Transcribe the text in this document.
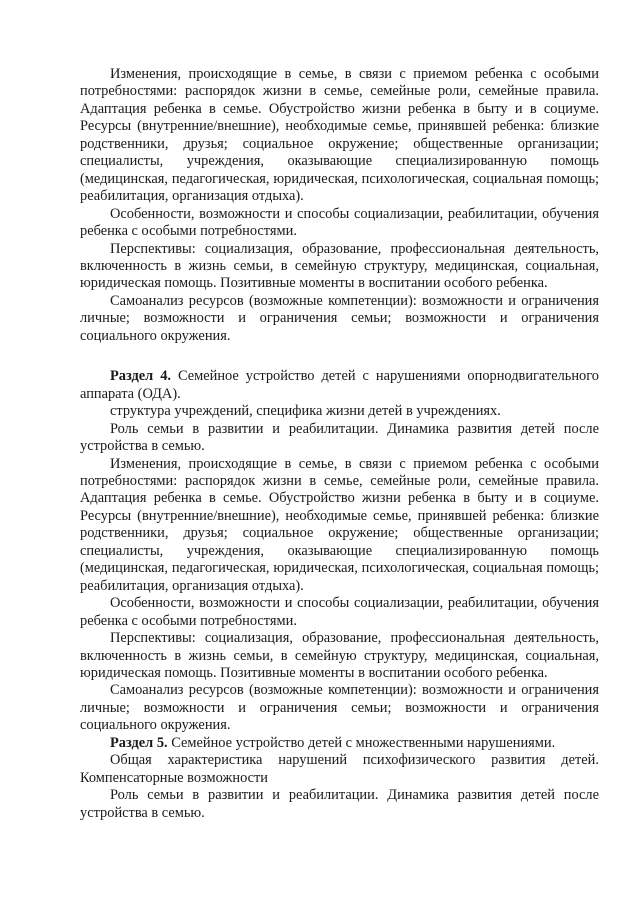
Изменения, происходящие в семье, в связи с приемом ребенка с особыми потребностями: распорядок жизни в семье, семейные роли, семейные правила. Адаптация ребенка в семье. Обустройство жизни ребенка в быту и в социуме. Ресурсы (внутренние/внешние), необходимые семье, принявшей ребенка: близкие родственники, друзья; социальное окружение; общественные организации; специалисты, учреждения, оказывающие специализированную помощь (медицинская, педагогическая, юридическая, психологическая, социальная помощь; реабилитация, организация отдыха).

Особенности, возможности и способы социализации, реабилитации, обучения ребенка с особыми потребностями.

Перспективы: социализация, образование, профессиональная деятельность, включенность в жизнь семьи, в семейную структуру, медицинская, социальная, юридическая помощь. Позитивные моменты в воспитании особого ребенка.

Самоанализ ресурсов (возможные компетенции): возможности и ограничения личные; возможности и ограничения семьи; возможности и ограничения социального окружения.

Раздел 4. Семейное устройство детей с нарушениями опорнодвигательного аппарата (ОДА).

структура учреждений, специфика жизни детей в учреждениях.

Роль семьи в развитии и реабилитации. Динамика развития детей после устройства в семью.

Изменения, происходящие в семье, в связи с приемом ребенка с особыми потребностями: распорядок жизни в семье, семейные роли, семейные правила. Адаптация ребенка в семье. Обустройство жизни ребенка в быту и в социуме. Ресурсы (внутренние/внешние), необходимые семье, принявшей ребенка: близкие родственники, друзья; социальное окружение; общественные организации; специалисты, учреждения, оказывающие специализированную помощь (медицинская, педагогическая, юридическая, психологическая, социальная помощь; реабилитация, организация отдыха).

Особенности, возможности и способы социализации, реабилитации, обучения ребенка с особыми потребностями.

Перспективы: социализация, образование, профессиональная деятельность, включенность в жизнь семьи, в семейную структуру, медицинская, социальная, юридическая помощь. Позитивные моменты в воспитании особого ребенка.

Самоанализ ресурсов (возможные компетенции): возможности и ограничения личные; возможности и ограничения семьи; возможности и ограничения социального окружения.

Раздел 5. Семейное устройство детей с множественными нарушениями.

Общая характеристика нарушений психофизического развития детей. Компенсаторные возможности

Роль семьи в развитии и реабилитации. Динамика развития детей после устройства в семью.
